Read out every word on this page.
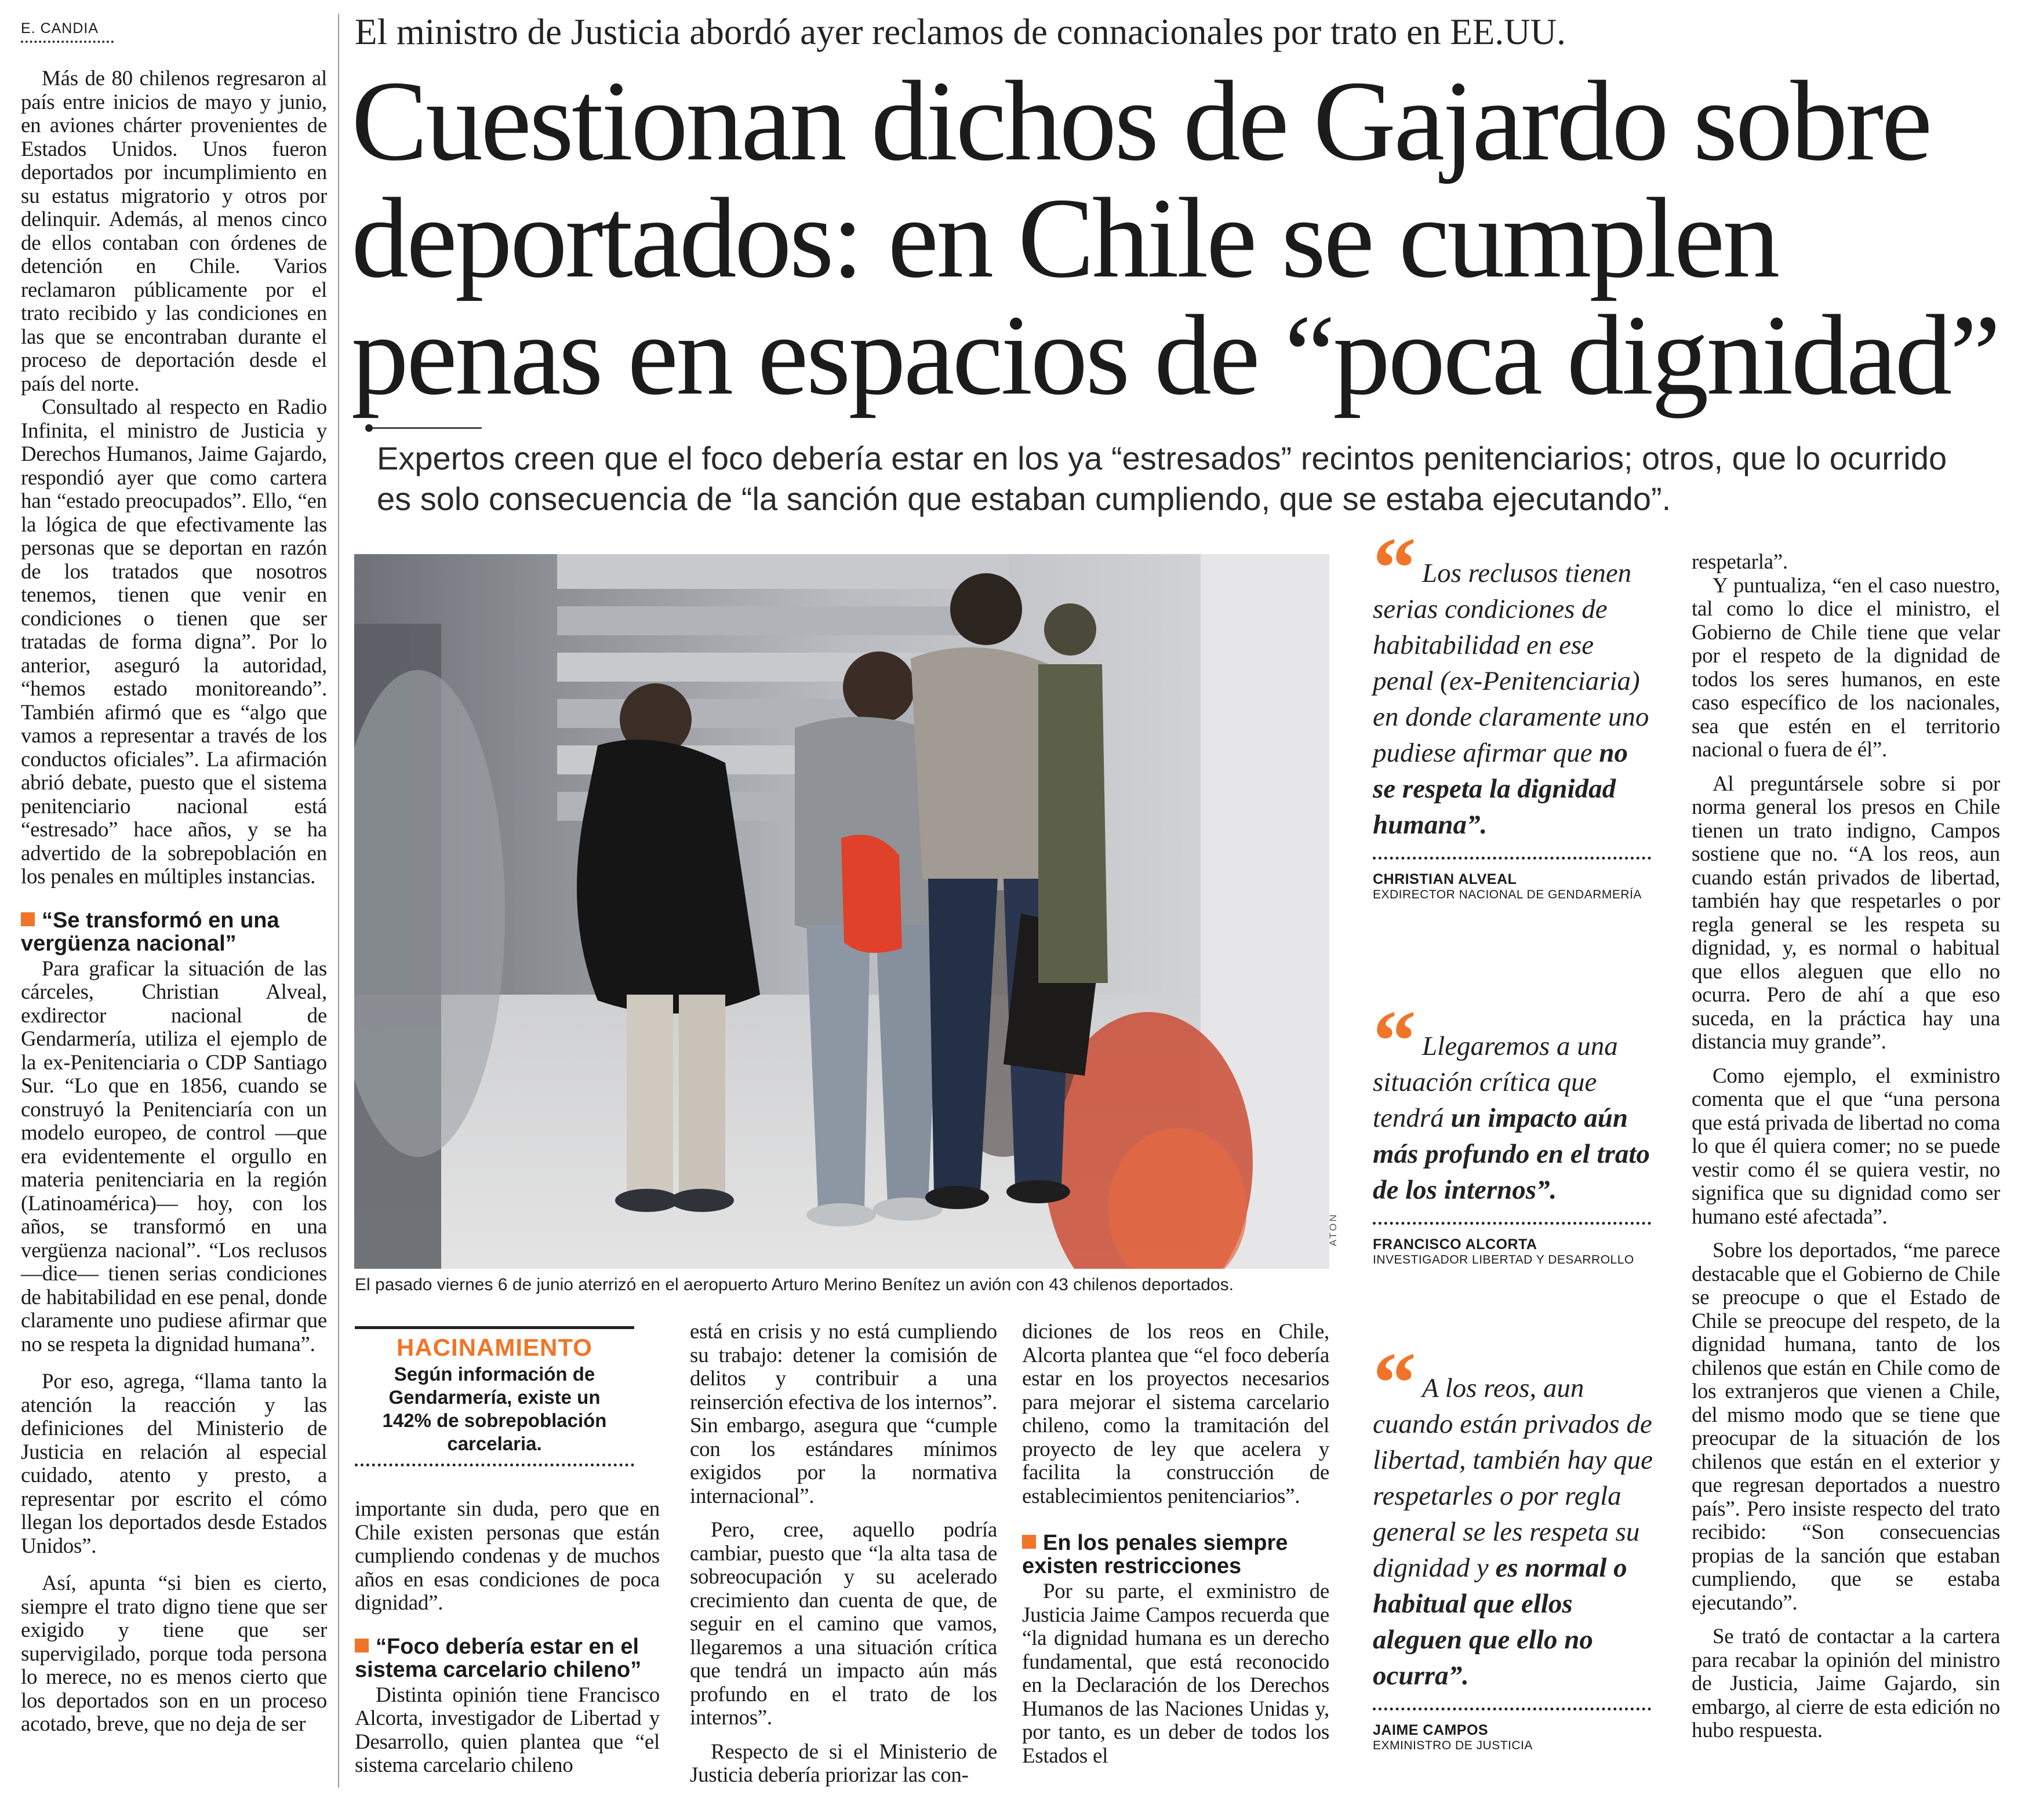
E. CANDIA

Más de 80 chilenos regresaron al país entre inicios de mayo y junio, en aviones chárter provenientes de Estados Unidos. Unos fueron deportados por incumplimiento en su estatus migratorio y otros por delinquir. Además, al menos cinco de ellos contaban con órdenes de detención en Chile. Varios reclamaron públicamente por el trato recibido y las condiciones en las que se encontraban durante el proceso de deportación desde el país del norte.

Consultado al respecto en Radio Infinita, el ministro de Justicia y Derechos Humanos, Jaime Gajardo, respondió ayer que como cartera han “estado preocupados”. Ello, “en la lógica de que efectivamente las personas que se deportan en razón de los tratados que nosotros tenemos, tienen que venir en condiciones o tienen que ser tratadas de forma digna”. Por lo anterior, aseguró la autoridad, “hemos estado monitoreando”. También afirmó que es “algo que vamos a representar a través de los conductos oficiales”. La afirmación abrió debate, puesto que el sistema penitenciario nacional está “estresado” hace años, y se ha advertido de la sobrepoblación en los penales en múltiples instancias.

“Se transformó en una vergüenza nacional”

Para graficar la situación de las cárceles, Christian Alveal, exdirector nacional de Gendarmería, utiliza el ejemplo de la ex-Penitenciaria o CDP Santiago Sur. “Lo que en 1856, cuando se construyó la Penitenciaría con un modelo europeo, de control —que era evidentemente el orgullo en materia penitenciaria en la región (Latinoamérica)— hoy, con los años, se transformó en una vergüenza nacional”. “Los reclusos —dice— tienen serias condiciones de habitabilidad en ese penal, donde claramente uno pudiese afirmar que no se respeta la dignidad humana”.

Por eso, agrega, “llama tanto la atención la reacción y las definiciones del Ministerio de Justicia en relación al especial cuidado, atento y presto, a representar por escrito el cómo llegan los deportados desde Estados Unidos”.

Así, apunta “si bien es cierto, siempre el trato digno tiene que ser exigido y tiene que ser supervigilado, porque toda persona lo merece, no es menos cierto que los deportados son en un proceso acotado, breve, que no deja de ser

El ministro de Justicia abordó ayer reclamos de connacionales por trato en EE.UU.
Cuestionan dichos de Gajardo sobre deportados: en Chile se cumplen penas en espacios de “poca dignidad”
Expertos creen que el foco debería estar en los ya “estresados” recintos penitenciarios; otros, que lo ocurrido es solo consecuencia de “la sanción que estaban cumpliendo, que se estaba ejecutando”.
ATON
El pasado viernes 6 de junio aterrizó en el aeropuerto Arturo Merino Benítez un avión con 43 chilenos deportados.
HACINAMIENTO
Según información de Gendarmería, existe un 142% de sobrepoblación carcelaria.

importante sin duda, pero que en Chile existen personas que están cumpliendo condenas y de muchos años en esas condiciones de poca dignidad”.

“Foco debería estar en el sistema carcelario chileno”

Distinta opinión tiene Francisco Alcorta, investigador de Libertad y Desarrollo, quien plantea que “el sistema carcelario chileno

está en crisis y no está cumpliendo su trabajo: detener la comisión de delitos y contribuir a una reinserción efectiva de los internos”. Sin embargo, asegura que “cumple con los estándares mínimos exigidos por la normativa internacional”.

Pero, cree, aquello podría cambiar, puesto que “la alta tasa de sobreocupación y su acelerado crecimiento dan cuenta de que, de seguir en el camino que vamos, llegaremos a una situación crítica que tendrá un impacto aún más profundo en el trato de los internos”.

Respecto de si el Ministerio de Justicia debería priorizar las con-

diciones de los reos en Chile, Alcorta plantea que “el foco debería estar en los proyectos necesarios para mejorar el sistema carcelario chileno, como la tramitación del proyecto de ley que acelera y facilita la construcción de establecimientos penitenciarios”.

En los penales siempre existen restricciones

Por su parte, el exministro de Justicia Jaime Campos recuerda que “la dignidad humana es un derecho fundamental, que está reconocido en la Declaración de los Derechos Humanos de las Naciones Unidas y, por tanto, es un deber de todos los Estados el

“ Los reclusos tienen serias condiciones de habitabilidad en ese penal (ex-Penitenciaria) en donde claramente uno pudiese afirmar que no se respeta la dignidad humana”.
CHRISTIAN ALVEAL
EXDIRECTOR NACIONAL DE GENDARMERÍA
“ Llegaremos a una situación crítica que tendrá un impacto aún más profundo en el trato de los internos”.
FRANCISCO ALCORTA
INVESTIGADOR LIBERTAD Y DESARROLLO
“ A los reos, aun cuando están privados de libertad, también hay que respetarles o por regla general se les respeta su dignidad y es normal o habitual que ellos aleguen que ello no ocurra”.
JAIME CAMPOS
EXMINISTRO DE JUSTICIA

respetarla”.

Y puntualiza, “en el caso nuestro, tal como lo dice el ministro, el Gobierno de Chile tiene que velar por el respeto de la dignidad de todos los seres humanos, en este caso específico de los nacionales, sea que estén en el territorio nacional o fuera de él”.

Al preguntársele sobre si por norma general los presos en Chile tienen un trato indigno, Campos sostiene que no. “A los reos, aun cuando están privados de libertad, también hay que respetarles o por regla general se les respeta su dignidad, y, es normal o habitual que ellos aleguen que ello no ocurra. Pero de ahí a que eso suceda, en la práctica hay una distancia muy grande”.

Como ejemplo, el exministro comenta que el que “una persona que está privada de libertad no coma lo que él quiera comer; no se puede vestir como él se quiera vestir, no significa que su dignidad como ser humano esté afectada”.

Sobre los deportados, “me parece destacable que el Gobierno de Chile se preocupe o que el Estado de Chile se preocupe del respeto, de la dignidad humana, tanto de los chilenos que están en Chile como de los extranjeros que vienen a Chile, del mismo modo que se tiene que preocupar de la situación de los chilenos que están en el exterior y que regresan deportados a nuestro país”. Pero insiste respecto del trato recibido: “Son consecuencias propias de la sanción que estaban cumpliendo, que se estaba ejecutando”.

Se trató de contactar a la cartera para recabar la opinión del ministro de Justicia, Jaime Gajardo, sin embargo, al cierre de esta edición no hubo respuesta.
